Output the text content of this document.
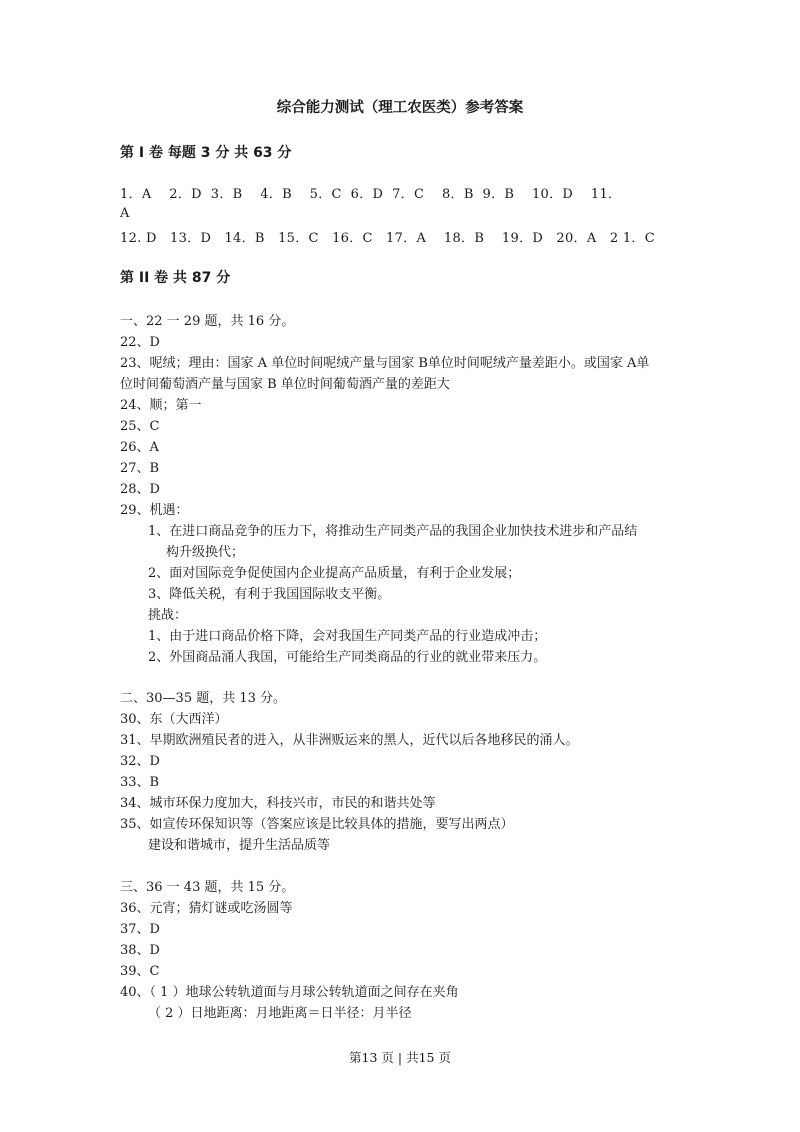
综合能力测试（理工农医类）参考答案
第 I 卷 每题 3 分 共 63 分
1．A    2．D  3．B    4．B    5．C  6．D  7．C    8．B  9．B    10．D    11．
A
12. D   13．D   14．B   15．C   16．C   17．A    18．B    19．D   20．A   2 1．C
第 II 卷 共 87 分
一、22 一 29 题，共 16 分。
22、D
23、呢绒；理由：国家 A 单位时间呢绒产量与国家 B单位时间呢绒产量差距小。或国家 A单
位时间葡萄酒产量与国家 B 单位时间葡萄酒产量的差距大
24、顺；第一
25、C
26、A
27、B
28、D
29、机遇：
1、在进口商品竞争的压力下，将推动生产同类产品的我国企业加快技术进步和产品结
构升级换代；
2、面对国际竞争促使国内企业提高产品质量，有利于企业发展；
3、降低关税，有利于我国国际收支平衡。
挑战：
1、由于进口商品价格下降，会对我国生产同类产品的行业造成冲击；
2、外国商品涌人我国，可能给生产同类商品的行业的就业带来压力。
二、30—35 题，共 13 分。
30、东（大西洋）
31、早期欧洲殖民者的进入，从非洲贩运来的黑人，近代以后各地移民的涌人。
32、D
33、B
34、城市环保力度加大，科技兴市，市民的和谐共处等
35、如宣传环保知识等（答案应该是比较具体的措施，要写出两点）
建设和谐城市，提升生活品质等
三、36 一 43 题，共 15 分。
36、元宵；猜灯谜或吃汤圆等
37、D
38、D
39、C
40、（ 1 ）地球公转轨道面与月球公转轨道面之间存在夹角
（ 2 ）日地距离：月地距离＝日半径：月半径
第13 页 | 共15 页
